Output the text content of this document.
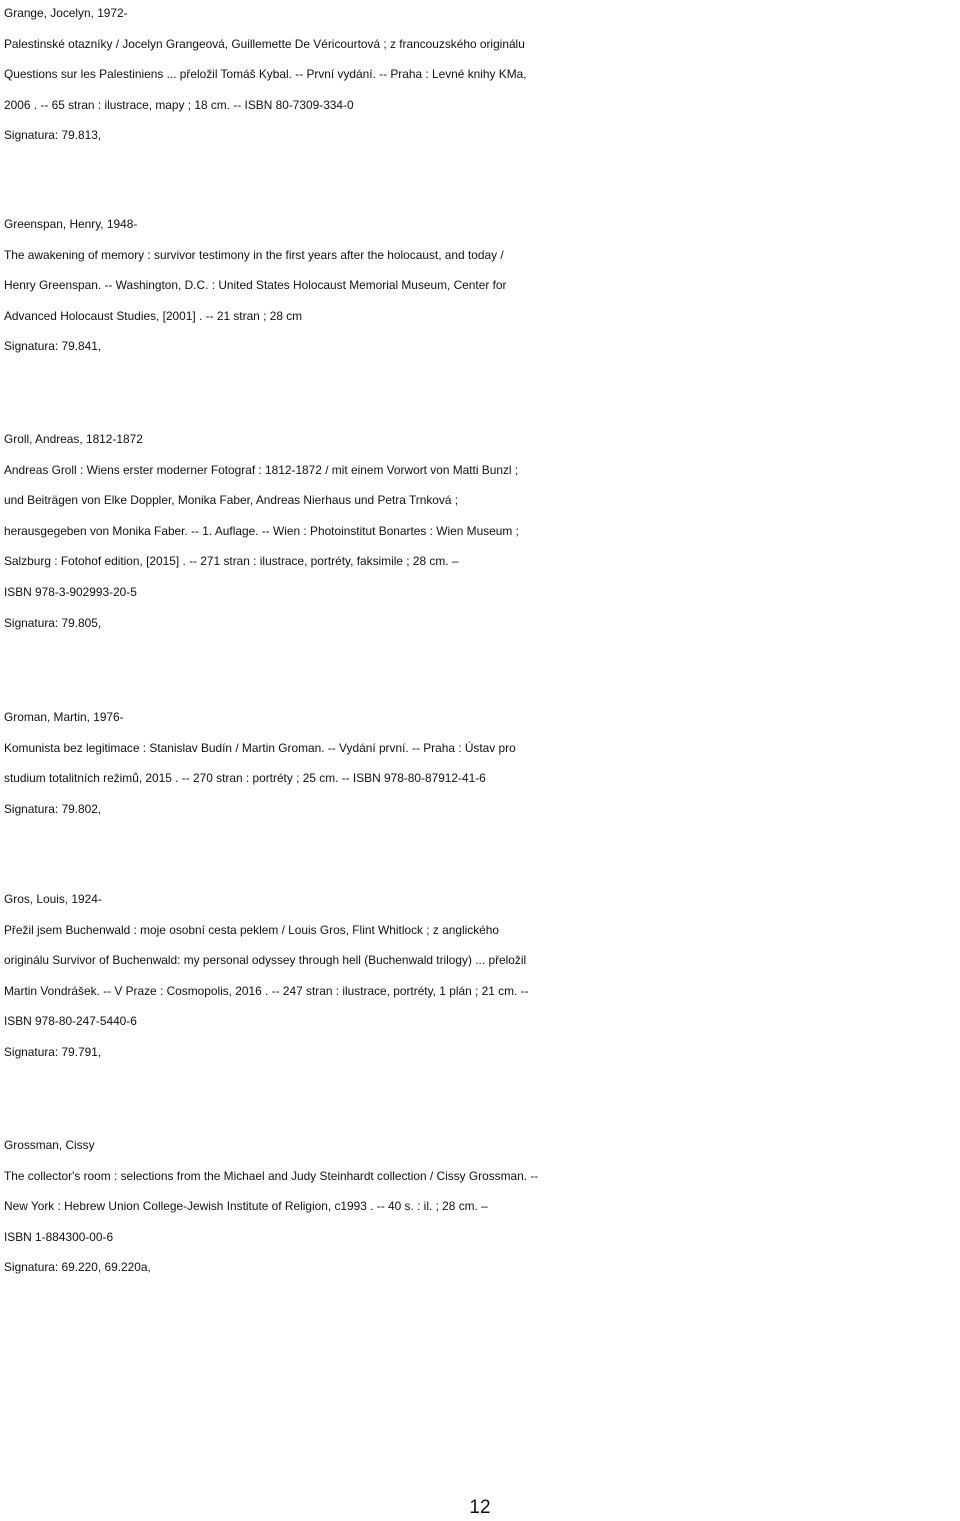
Grange, Jocelyn, 1972-
Palestinské otazníky / Jocelyn Grangeová, Guillemette De Véricourtová ; z francouzského originálu
Questions sur les Palestiniens ... přeložil Tomáš Kybal. -- První vydání. -- Praha : Levné knihy KMa,
2006 . -- 65 stran : ilustrace, mapy ; 18 cm. -- ISBN 80-7309-334-0
Signatura: 79.813,
Greenspan, Henry, 1948-
The awakening of memory : survivor testimony in the first years after the holocaust, and today /
Henry Greenspan. -- Washington, D.C. : United States Holocaust Memorial Museum, Center for
Advanced Holocaust Studies, [2001] . -- 21 stran ; 28 cm
Signatura: 79.841,
Groll, Andreas, 1812-1872
Andreas Groll : Wiens erster moderner Fotograf : 1812-1872 / mit einem Vorwort von Matti Bunzl ;
und Beiträgen von Elke Doppler, Monika Faber, Andreas Nierhaus und Petra Trnková ;
herausgegeben von Monika Faber. -- 1. Auflage. -- Wien : Photoinstitut Bonartes : Wien Museum ;
Salzburg : Fotohof edition, [2015] . -- 271 stran : ilustrace, portréty, faksimile ; 28 cm. –
ISBN 978-3-902993-20-5
Signatura: 79.805,
Groman, Martin, 1976-
Komunista bez legitimace : Stanislav Budín / Martin Groman. -- Vydání první. -- Praha : Ústav pro
studium totalitních režimů, 2015 . -- 270 stran : portréty ; 25 cm. -- ISBN 978-80-87912-41-6
Signatura: 79.802,
Gros, Louis, 1924-
Přežil jsem Buchenwald : moje osobní cesta peklem / Louis Gros, Flint Whitlock ; z anglického
originálu Survivor of Buchenwald: my personal odyssey through hell (Buchenwald trilogy) ... přeložil
Martin Vondrášek. -- V Praze : Cosmopolis, 2016 . -- 247 stran : ilustrace, portréty, 1 plán ; 21 cm. --
ISBN 978-80-247-5440-6
Signatura: 79.791,
Grossman, Cissy
The collector's room : selections from the Michael and Judy Steinhardt collection / Cissy Grossman. --
New York : Hebrew Union College-Jewish Institute of Religion, c1993 . -- 40 s. : il. ; 28 cm. –
ISBN 1-884300-00-6
Signatura: 69.220, 69.220a,
12
